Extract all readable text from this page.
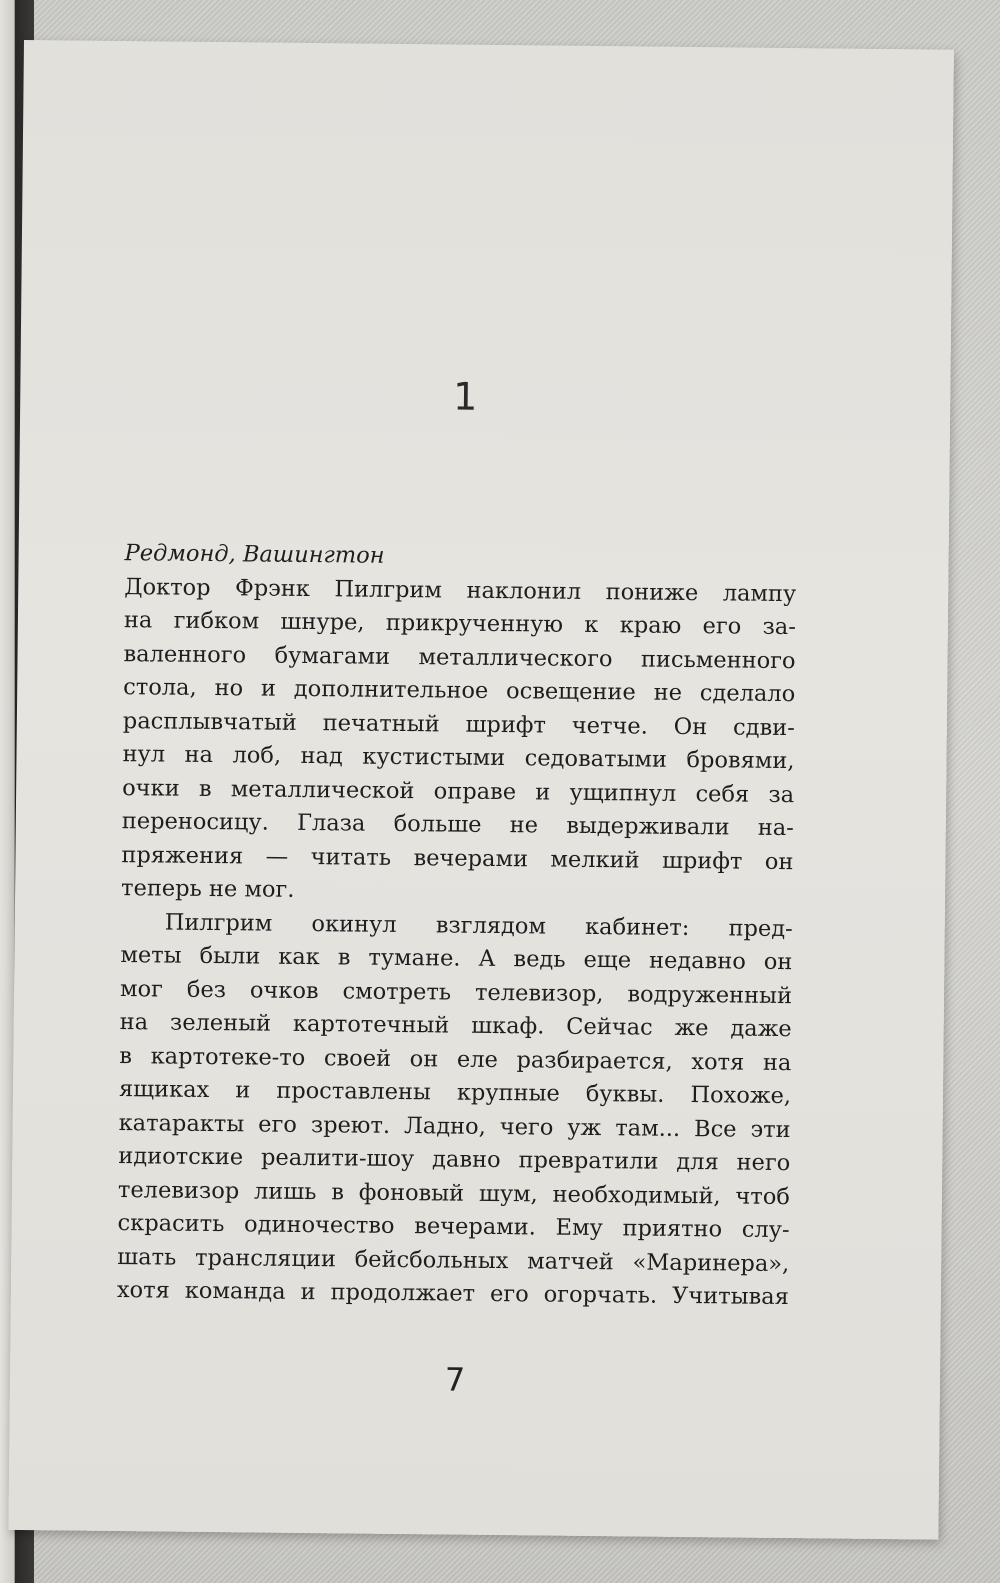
1
Редмонд, Вашингтон
Доктор Фрэнк Пилгрим наклонил пониже лампу
на гибком шнуре, прикрученную к краю его за-
валенного бумагами металлического письменного
стола, но и дополнительное освещение не сделало
расплывчатый печатный шрифт четче. Он сдви-
нул на лоб, над кустистыми седоватыми бровями,
очки в металлической оправе и ущипнул себя за
переносицу. Глаза больше не выдерживали на-
пряжения — читать вечерами мелкий шрифт он
теперь не мог.
Пилгрим окинул взглядом кабинет: пред-
меты были как в тумане. А ведь еще недавно он
мог без очков смотреть телевизор, водруженный
на зеленый картотечный шкаф. Сейчас же даже
в картотеке-то своей он еле разбирается, хотя на
ящиках и проставлены крупные буквы. Похоже,
катаракты его зреют. Ладно, чего уж там... Все эти
идиотские реалити-шоу давно превратили для него
телевизор лишь в фоновый шум, необходимый, чтоб
скрасить одиночество вечерами. Ему приятно слу-
шать трансляции бейсбольных матчей «Маринера»,
хотя команда и продолжает его огорчать. Учитывая
7
